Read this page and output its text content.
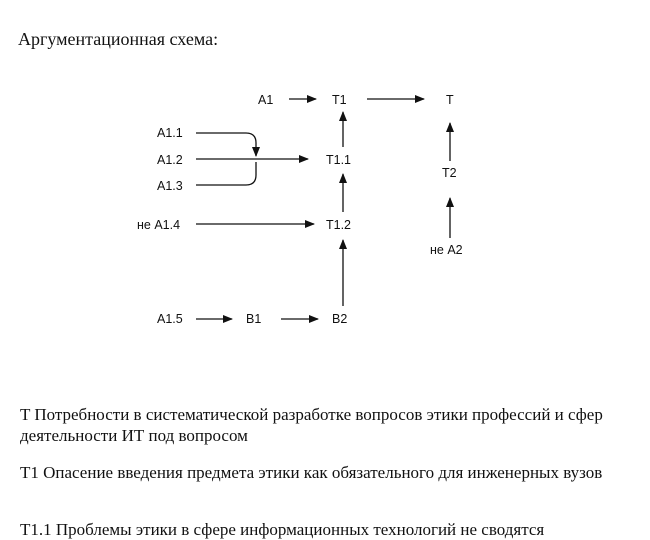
Аргументационная схема:
A1	T1	T
A1.1
A1.2
A1.3
T1.1
T2
не A1.4	T1.2
не A2
A1.5	B1	B2
T Потребности в систематической разработке вопросов этики профессий и сфер деятельности ИТ под вопросом
T1 Опасение введения предмета этики как обязательного для инженерных вузов
T1.1 Проблемы этики в сфере информационных технологий не сводятся
